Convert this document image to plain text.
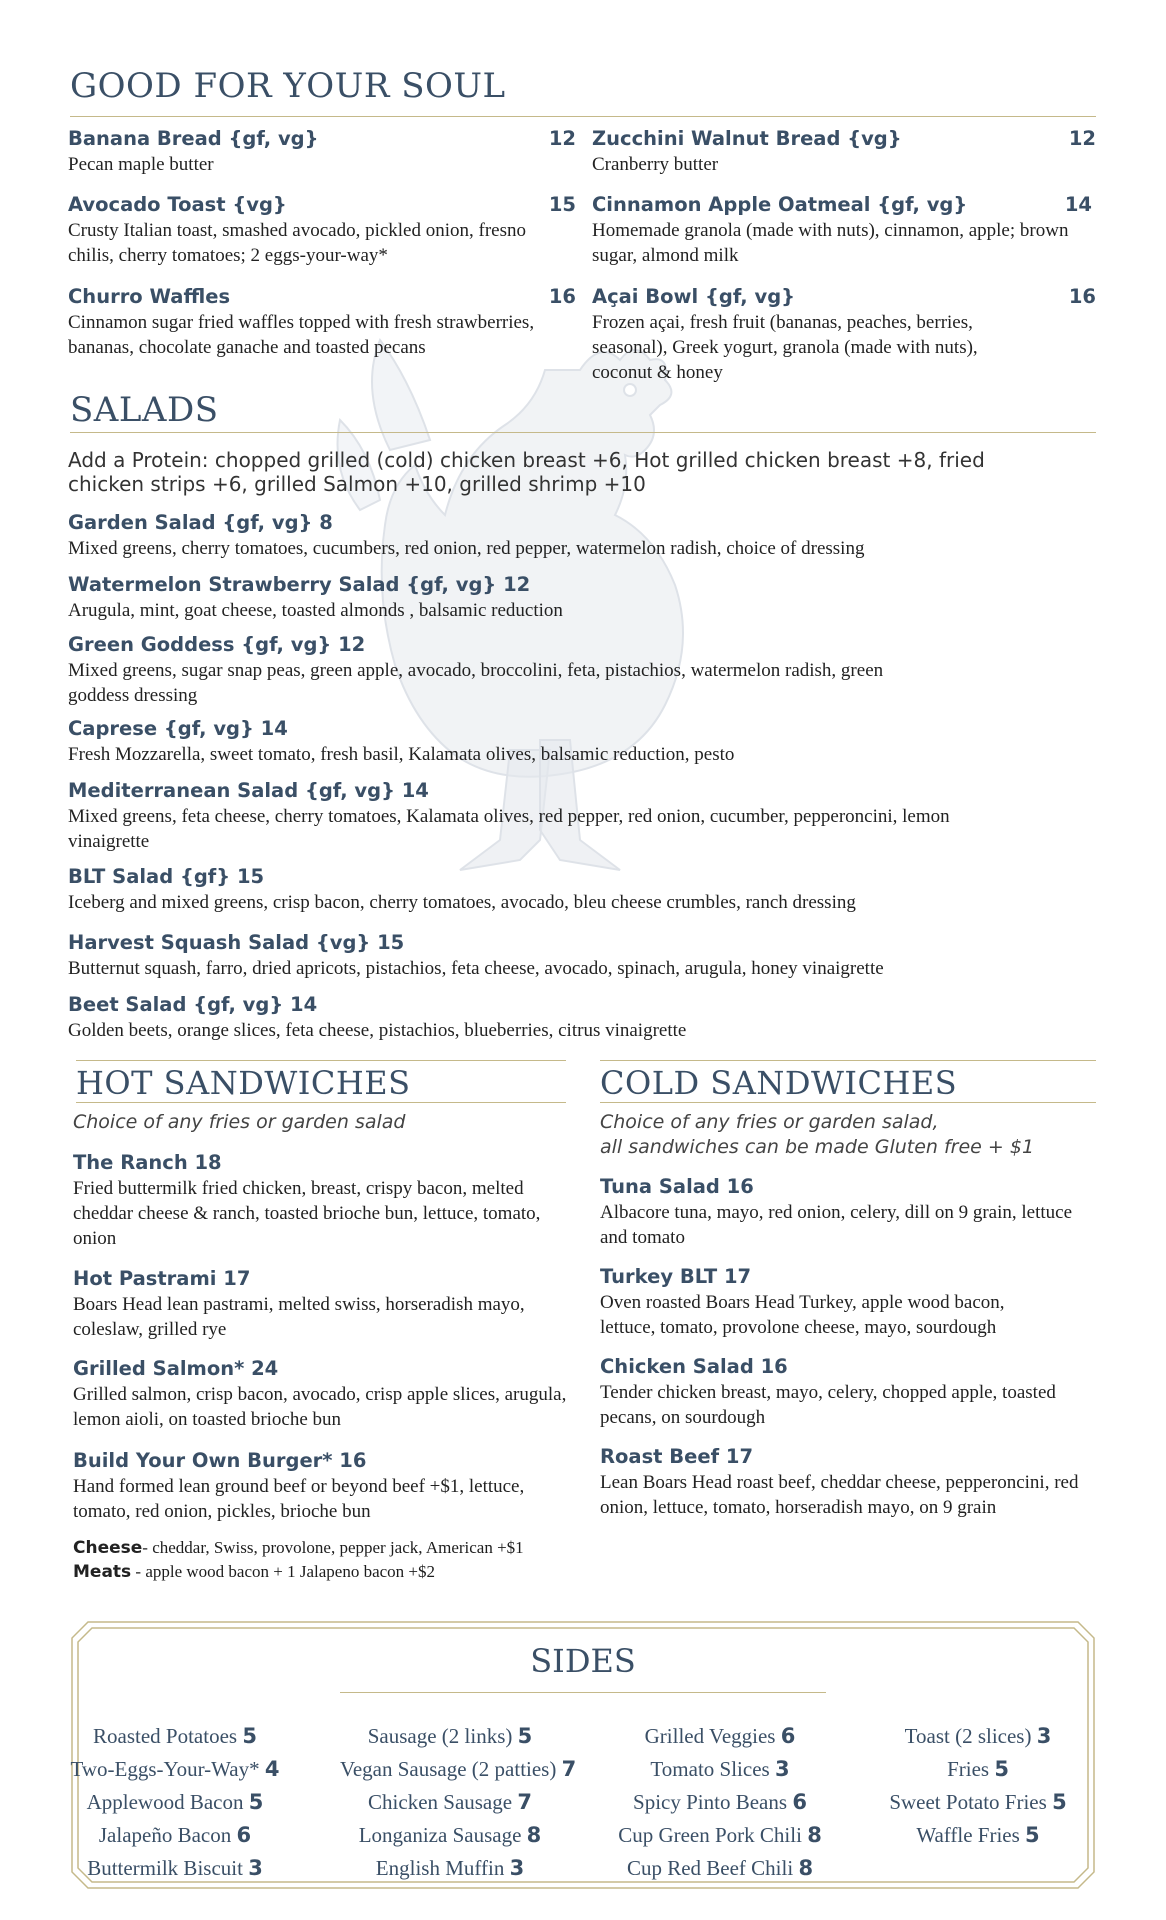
GOOD FOR YOUR SOUL
12
Banana Bread {gf, vg}
Pecan maple butter
15
Avocado Toast {vg}
Crusty Italian toast, smashed avocado, pickled onion, fresno chilis, cherry tomatoes; 2 eggs-your-way*
16
Churro Waffles
Cinnamon sugar fried waffles topped with fresh strawberries, bananas, chocolate ganache and toasted pecans
12
Zucchini Walnut Bread {vg}
Cranberry butter
14
Cinnamon Apple Oatmeal {gf, vg}
Homemade granola (made with nuts), cinnamon, apple; brown sugar, almond milk
16
Açai Bowl {gf, vg}
Frozen açai, fresh fruit (bananas, peaches, berries, seasonal), Greek yogurt, granola (made with nuts), coconut & honey
SALADS
Add a Protein: chopped grilled (cold) chicken breast +6, Hot grilled chicken breast +8, fried chicken strips +6, grilled Salmon +10, grilled shrimp +10
Garden Salad {gf, vg} 8
Mixed greens, cherry tomatoes, cucumbers, red onion, red pepper, watermelon radish, choice of dressing
Watermelon Strawberry Salad {gf, vg} 12
Arugula, mint, goat cheese, toasted almonds , balsamic reduction
Green Goddess {gf, vg} 12
Mixed greens, sugar snap peas, green apple, avocado, broccolini, feta, pistachios, watermelon radish, green goddess dressing
Caprese {gf, vg} 14
Fresh Mozzarella, sweet tomato, fresh basil, Kalamata olives, balsamic reduction, pesto
Mediterranean Salad {gf, vg} 14
Mixed greens, feta cheese, cherry tomatoes, Kalamata olives, red pepper, red onion, cucumber, pepperoncini, lemon vinaigrette
BLT Salad {gf} 15
Iceberg and mixed greens, crisp bacon, cherry tomatoes, avocado, bleu cheese crumbles, ranch dressing
Harvest Squash Salad {vg} 15
Butternut squash, farro, dried apricots, pistachios, feta cheese, avocado, spinach, arugula, honey vinaigrette
Beet Salad {gf, vg} 14
Golden beets, orange slices, feta cheese, pistachios, blueberries, citrus vinaigrette
HOT SANDWICHES
Choice of any fries or garden salad
The Ranch 18
Fried buttermilk fried chicken, breast, crispy bacon, melted cheddar cheese & ranch, toasted brioche bun, lettuce, tomato, onion
Hot Pastrami 17
Boars Head lean pastrami, melted swiss, horseradish mayo, coleslaw, grilled rye
Grilled Salmon* 24
Grilled salmon, crisp bacon, avocado, crisp apple slices, arugula, lemon aioli, on toasted brioche bun
Build Your Own Burger* 16
Hand formed lean ground beef or beyond beef +$1, lettuce, tomato, red onion, pickles, brioche bun
Cheese- cheddar, Swiss, provolone, pepper jack, American +$1
Meats - apple wood bacon + 1 Jalapeno bacon +$2
COLD SANDWICHES
Choice of any fries or garden salad,
all sandwiches can be made Gluten free + $1
Tuna Salad 16
Albacore tuna, mayo, red onion, celery, dill on 9 grain, lettuce and tomato
Turkey BLT 17
Oven roasted Boars Head Turkey, apple wood bacon, lettuce, tomato, provolone cheese, mayo, sourdough
Chicken Salad 16
Tender chicken breast, mayo, celery, chopped apple, toasted pecans, on sourdough
Roast Beef 17
Lean Boars Head roast beef, cheddar cheese, pepperoncini, red onion, lettuce, tomato, horseradish mayo, on 9 grain
SIDES
Roasted Potatoes 5
Two-Eggs-Your-Way* 4
Applewood Bacon 5
Jalapeño Bacon 6
Buttermilk Biscuit 3
Sausage (2 links) 5
Vegan Sausage (2 patties) 7
Chicken Sausage 7
Longaniza Sausage 8
English Muffin 3
Grilled Veggies 6
Tomato Slices 3
Spicy Pinto Beans 6
Cup Green Pork Chili 8
Cup Red Beef Chili 8
Toast (2 slices) 3
Fries 5
Sweet Potato Fries 5
Waffle Fries 5
